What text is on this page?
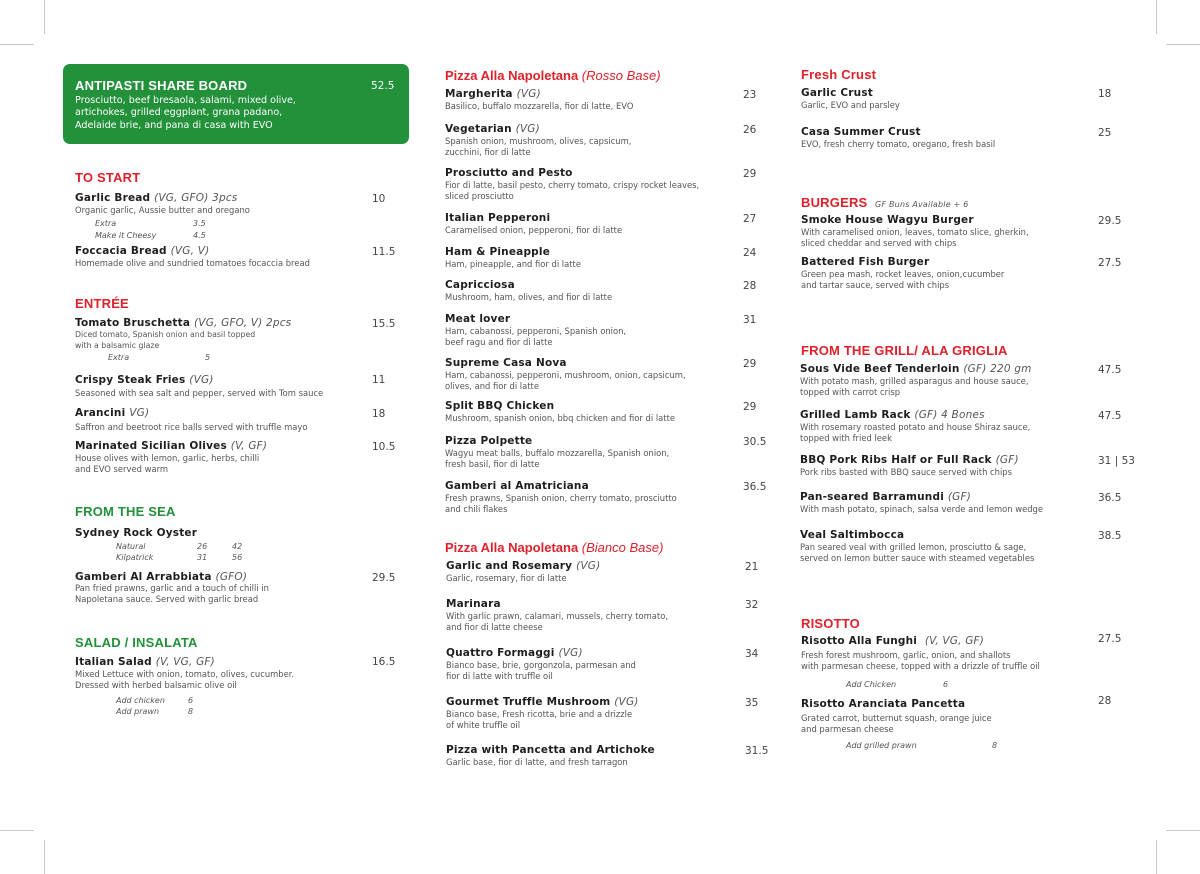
ANTIPASTI SHARE BOARD	52.5
Prosciutto, beef bresaola, salami, mixed olive,
artichokes, grilled eggplant, grana padano,
Adelaide brie, and pana di casa with EVO
TO START
Garlic Bread (VG, GFO) 3pcs	10
Organic garlic, Aussie butter and oregano
Extra	3.5
Make it Cheesy	4.5
Foccacia Bread (VG, V)	11.5
Homemade olive and sundried tomatoes focaccia bread
ENTRÉE
Tomato Bruschetta (VG, GFO, V) 2pcs	15.5
Diced tomato, Spanish onion and basil topped
with a balsamic glaze
Extra	5
Crispy Steak Fries (VG)	11
Seasoned with sea salt and pepper, served with Tom sauce
Arancini VG)	18
Saffron and beetroot rice balls served with truffle mayo
Marinated Sicilian Olives (V, GF)	10.5
House olives with lemon, garlic, herbs, chilli
and EVO served warm
FROM THE SEA
Sydney Rock Oyster
Natural	26	42
Kilpatrick	31	56
Gamberi Al Arrabbiata (GFO)	29.5
Pan fried prawns, garlic and a touch of chilli in
Napoletana sauce. Served with garlic bread
SALAD / INSALATA
Italian Salad (V, VG, GF)	16.5
Mixed Lettuce with onion, tomato, olives, cucumber.
Dressed with herbed balsamic olive oil
Add chicken	6
Add prawn	8
Pizza Alla Napoletana (Rosso Base)
Margherita (VG)	23
Basilico, buffalo mozzarella, fior di latte, EVO
Vegetarian (VG)	26
Spanish onion, mushroom, olives, capsicum,
zucchini, fior di latte
Prosciutto and Pesto	29
Fior di latte, basil pesto, cherry tomato, crispy rocket leaves,
sliced prosciutto
Italian Pepperoni	27
Caramelised onion, pepperoni, fior di latte
Ham & Pineapple	24
Ham, pineapple, and fior di latte
Capricciosa	28
Mushroom, ham, olives, and fior di latte
Meat lover	31
Ham, cabanossi, pepperoni, Spanish onion,
beef ragu and fior di latte
Supreme Casa Nova	29
Ham, cabanossi, pepperoni, mushroom, onion, capsicum,
olives, and fior di latte
Split BBQ Chicken	29
Mushroom, spanish onion, bbq chicken and fior di latte
Pizza Polpette	30.5
Wagyu meat balls, buffalo mozzarella, Spanish onion,
fresh basil, fior di latte
Gamberi al Amatriciana	36.5
Fresh prawns, Spanish onion, cherry tomato, prosciutto
and chili flakes
Pizza Alla Napoletana (Bianco Base)
Garlic and Rosemary (VG)	21
Garlic, rosemary, fior di latte
Marinara	32
With garlic prawn, calamari, mussels, cherry tomato,
and fior di latte cheese
Quattro Formaggi (VG)	34
Bianco base, brie, gorgonzola, parmesan and
fior di latte with truffle oil
Gourmet Truffle Mushroom (VG)	35
Bianco base, Fresh ricotta, brie and a drizzle
of white truffle oil
Pizza with Pancetta and Artichoke	31.5
Garlic base, fior di latte, and fresh tarragon
Fresh Crust
Garlic Crust	18
Garlic, EVO and parsley
Casa Summer Crust	25
EVO, fresh cherry tomato, oregano, fresh basil
BURGERS GF Buns Available + 6
Smoke House Wagyu Burger	29.5
With caramelised onion, leaves, tomato slice, gherkin,
sliced cheddar and served with chips
Battered Fish Burger	27.5
Green pea mash, rocket leaves, onion,cucumber
and tartar sauce, served with chips
FROM THE GRILL/ ALA GRIGLIA
Sous Vide Beef Tenderloin (GF) 220 gm	47.5
With potato mash, grilled asparagus and house sauce,
topped with carrot crisp
Grilled Lamb Rack (GF) 4 Bones	47.5
With rosemary roasted potato and house Shiraz sauce,
topped with fried leek
BBQ Pork Ribs Half or Full Rack (GF)	31 | 53
Pork ribs basted with BBQ sauce served with chips
Pan-seared Barramundi (GF)	36.5
With mash potato, spinach, salsa verde and lemon wedge
Veal Saltimbocca	38.5
Pan seared veal with grilled lemon, prosciutto & sage,
served on lemon butter sauce with steamed vegetables
RISOTTO
Risotto Alla Funghi (V, VG, GF)	27.5
Fresh forest mushroom, garlic, onion, and shallots
with parmesan cheese, topped with a drizzle of truffle oil
Add Chicken	6
Risotto Aranciata Pancetta	28
Grated carrot, butternut squash, orange juice
and parmesan cheese
Add grilled prawn	8
